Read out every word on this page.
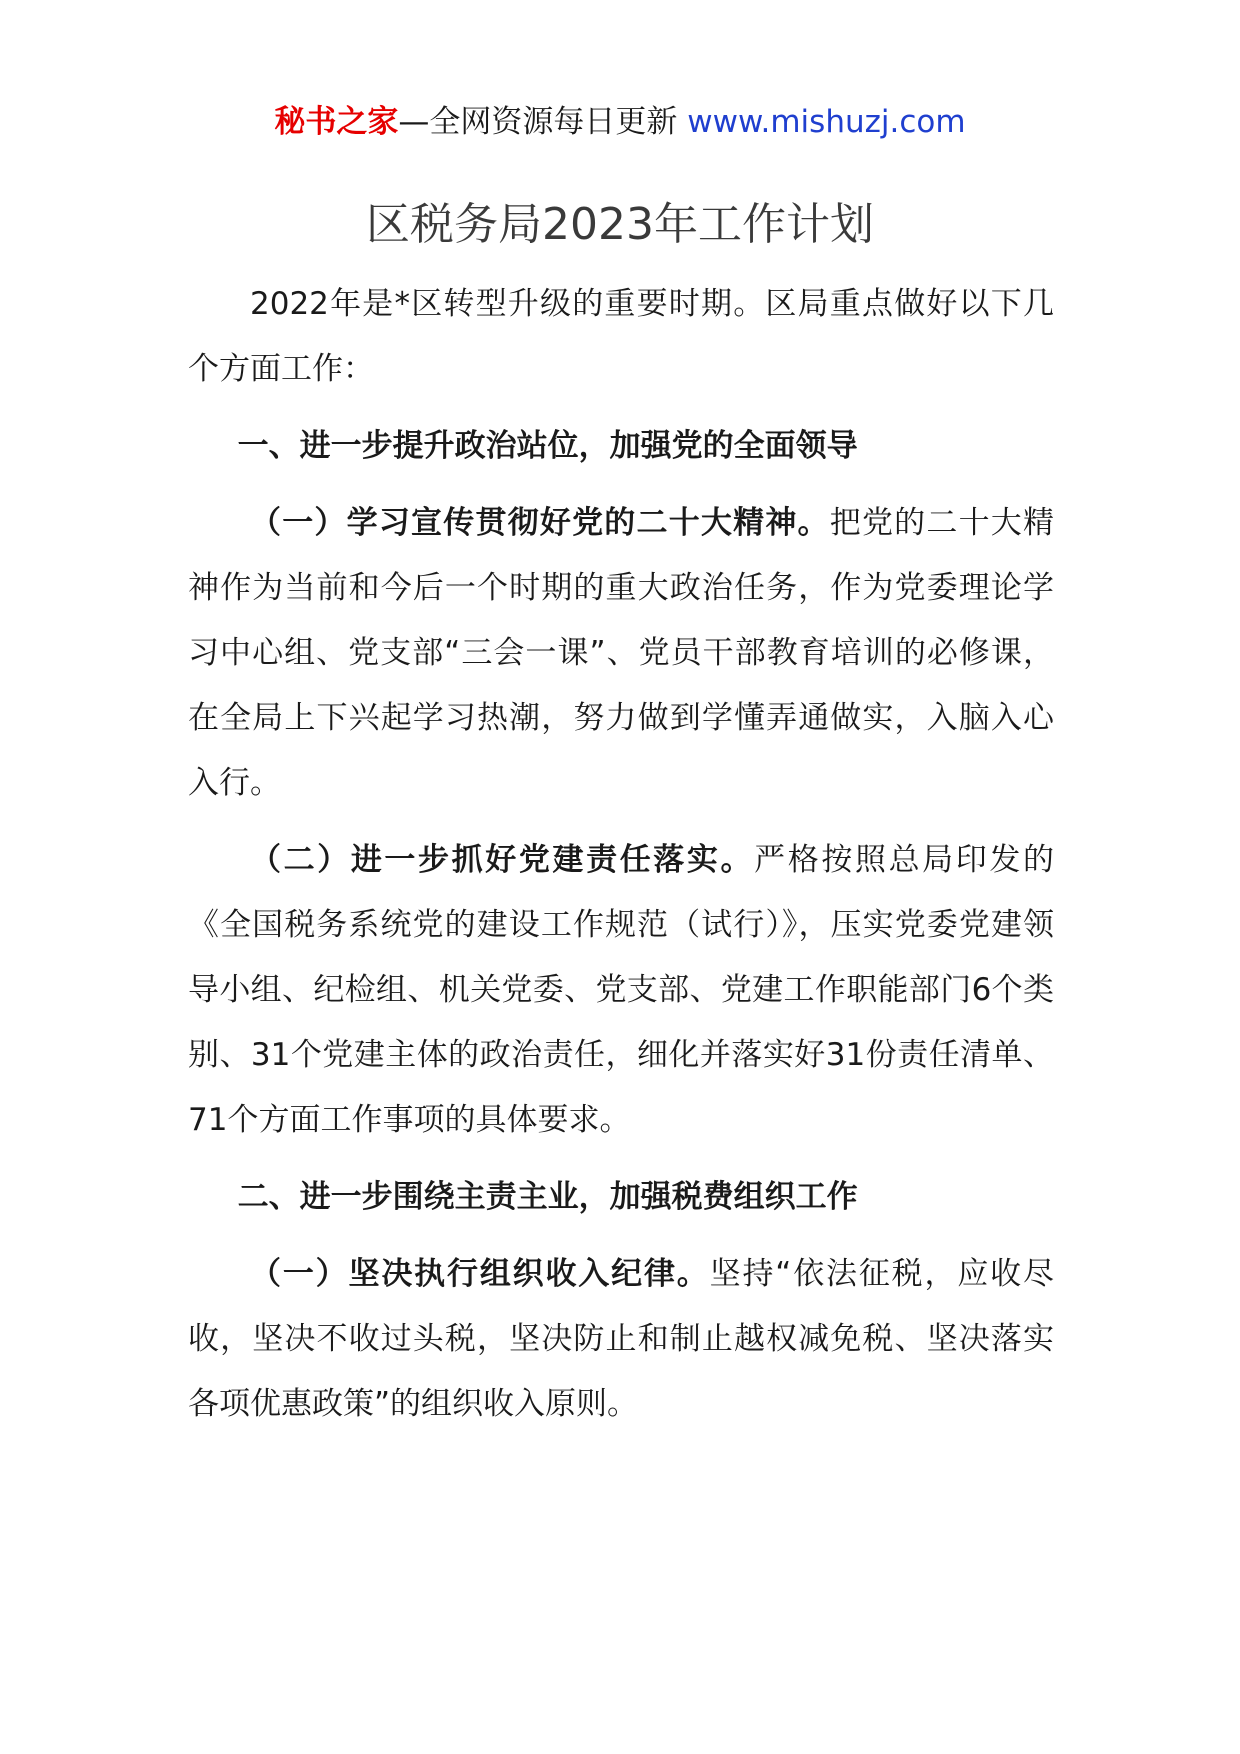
秘书之家—全网资源每日更新 www.mishuzj.com
区税务局2023年工作计划

2022年是*区转型升级的重要时期。区局重点做好以下几个方面工作：

一、进一步提升政治站位，加强党的全面领导

（一）学习宣传贯彻好党的二十大精神。把党的二十大精神作为当前和今后一个时期的重大政治任务，作为党委理论学习中心组、党支部“三会一课”、党员干部教育培训的必修课，在全局上下兴起学习热潮，努力做到学懂弄通做实，入脑入心入行。

（二）进一步抓好党建责任落实。严格按照总局印发的《全国税务系统党的建设工作规范（试行）》，压实党委党建领导小组、纪检组、机关党委、党支部、党建工作职能部门6个类别、31个党建主体的政治责任，细化并落实好31份责任清单、71个方面工作事项的具体要求。

二、进一步围绕主责主业，加强税费组织工作

（一）坚决执行组织收入纪律。坚持“依法征税，应收尽收，坚决不收过头税，坚决防止和制止越权减免税、坚决落实各项优惠政策”的组织收入原则。
